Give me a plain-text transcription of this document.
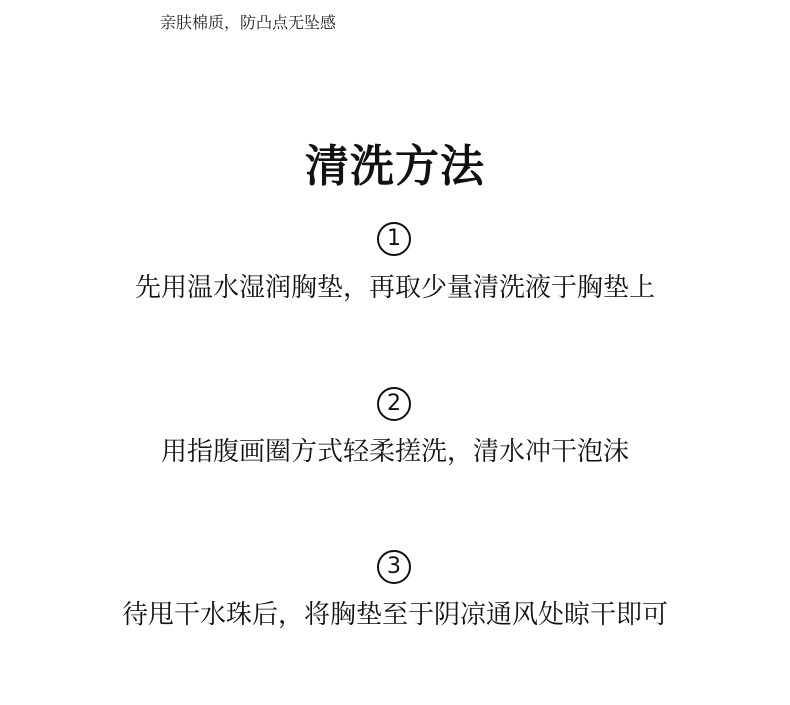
亲肤棉质，防凸点无坠感
清洗方法
1
先用温水湿润胸垫，再取少量清洗液于胸垫上
2
用指腹画圈方式轻柔搓洗，清水冲干泡沫
3
待甩干水珠后，将胸垫至于阴凉通风处晾干即可
